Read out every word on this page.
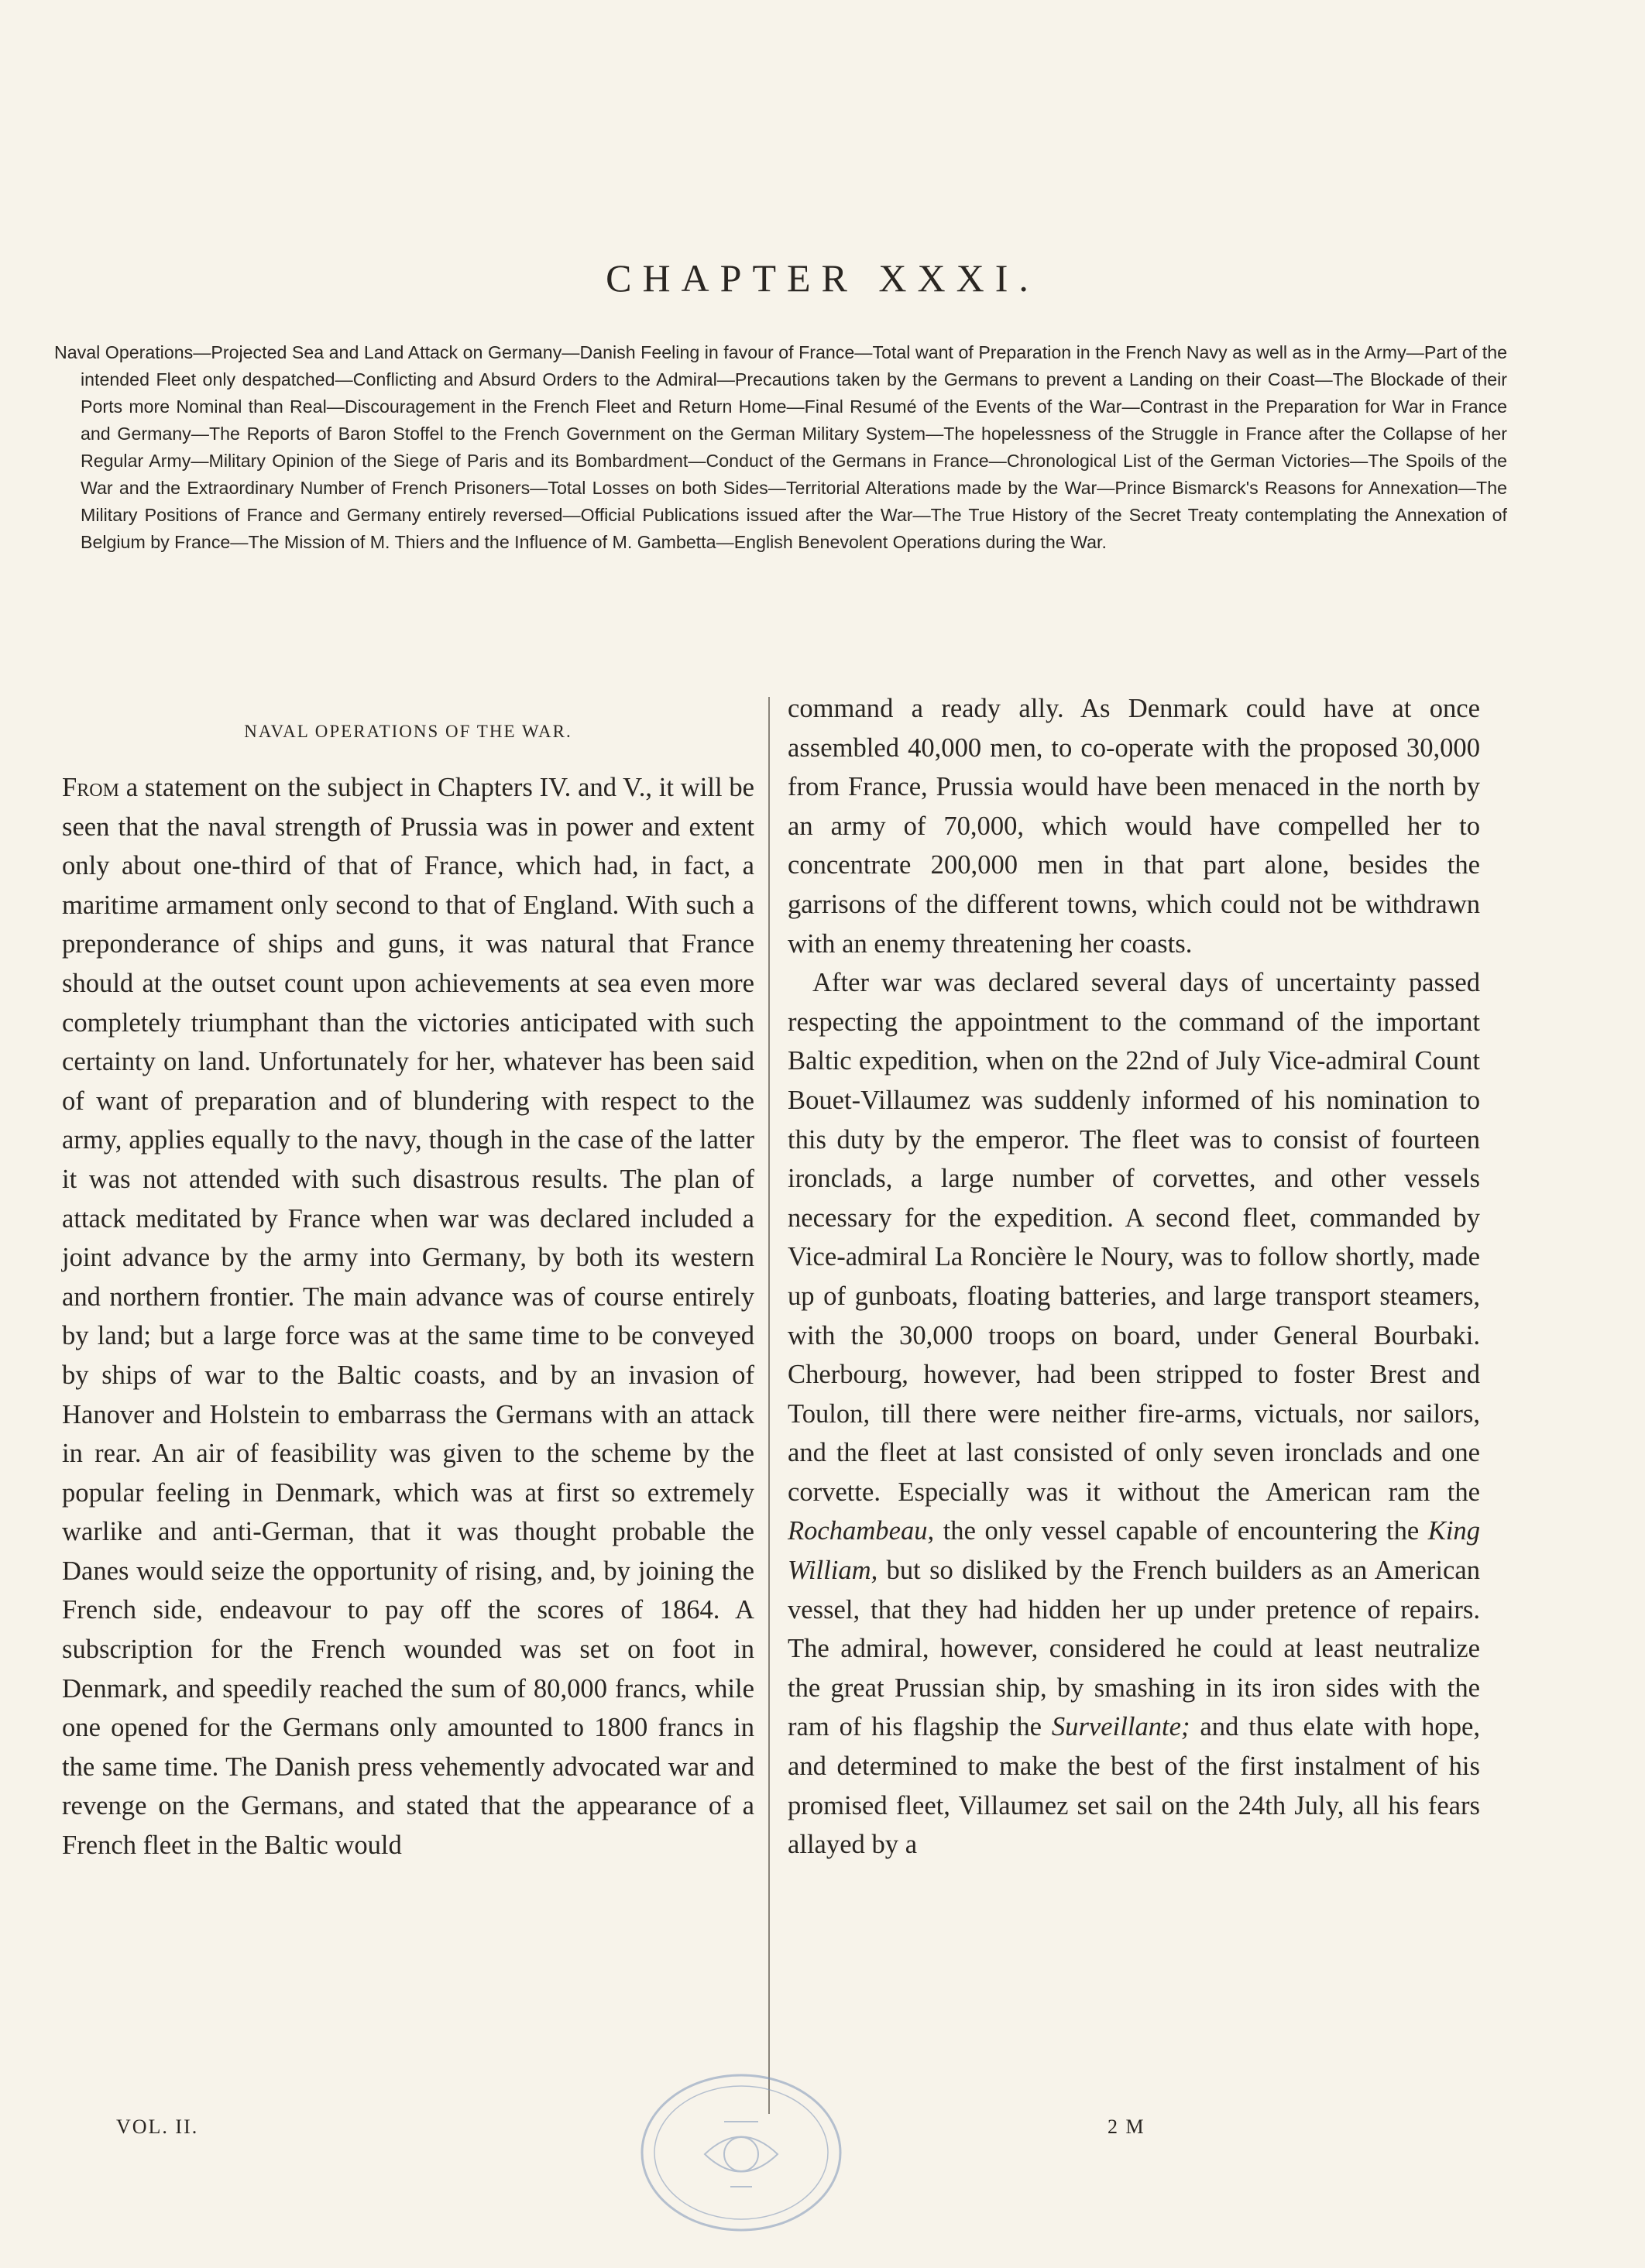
CHAPTER XXXI.
Naval Operations—Projected Sea and Land Attack on Germany—Danish Feeling in favour of France—Total want of Preparation in the French Navy as well as in the Army—Part of the intended Fleet only despatched—Conflicting and Absurd Orders to the Admiral—Precautions taken by the Germans to prevent a Landing on their Coast—The Blockade of their Ports more Nominal than Real—Discouragement in the French Fleet and Return Home—Final Resumé of the Events of the War—Contrast in the Preparation for War in France and Germany—The Reports of Baron Stoffel to the French Government on the German Military System—The hopelessness of the Struggle in France after the Collapse of her Regular Army—Military Opinion of the Siege of Paris and its Bombardment—Conduct of the Germans in France—Chronological List of the German Victories—The Spoils of the War and the Extraordinary Number of French Prisoners—Total Losses on both Sides—Territorial Alterations made by the War—Prince Bismarck's Reasons for Annexation—The Military Positions of France and Germany entirely reversed—Official Publications issued after the War—The True History of the Secret Treaty contemplating the Annexation of Belgium by France—The Mission of M. Thiers and the Influence of M. Gambetta—English Benevolent Operations during the War.

NAVAL OPERATIONS OF THE WAR.

From a statement on the subject in Chapters IV. and V., it will be seen that the naval strength of Prussia was in power and extent only about one-third of that of France, which had, in fact, a maritime armament only second to that of England. With such a preponderance of ships and guns, it was natural that France should at the outset count upon achievements at sea even more completely triumphant than the victories anticipated with such certainty on land. Unfortunately for her, whatever has been said of want of preparation and of blundering with respect to the army, applies equally to the navy, though in the case of the latter it was not attended with such disastrous results. The plan of attack meditated by France when war was declared included a joint advance by the army into Germany, by both its western and northern frontier. The main advance was of course entirely by land; but a large force was at the same time to be conveyed by ships of war to the Baltic coasts, and by an invasion of Hanover and Holstein to embarrass the Germans with an attack in rear. An air of feasibility was given to the scheme by the popular feeling in Denmark, which was at first so extremely warlike and anti-German, that it was thought probable the Danes would seize the opportunity of rising, and, by joining the French side, endeavour to pay off the scores of 1864. A subscription for the French wounded was set on foot in Denmark, and speedily reached the sum of 80,000 francs, while one opened for the Germans only amounted to 1800 francs in the same time. The Danish press vehemently advocated war and revenge on the Germans, and stated that the appearance of a French fleet in the Baltic would

command a ready ally. As Denmark could have at once assembled 40,000 men, to co-operate with the proposed 30,000 from France, Prussia would have been menaced in the north by an army of 70,000, which would have compelled her to concentrate 200,000 men in that part alone, besides the garrisons of the different towns, which could not be withdrawn with an enemy threatening her coasts.

After war was declared several days of uncertainty passed respecting the appointment to the command of the important Baltic expedition, when on the 22nd of July Vice-admiral Count Bouet-Villaumez was suddenly informed of his nomination to this duty by the emperor. The fleet was to consist of fourteen ironclads, a large number of corvettes, and other vessels necessary for the expedition. A second fleet, commanded by Vice-admiral La Roncière le Noury, was to follow shortly, made up of gunboats, floating batteries, and large transport steamers, with the 30,000 troops on board, under General Bourbaki. Cherbourg, however, had been stripped to foster Brest and Toulon, till there were neither fire-arms, victuals, nor sailors, and the fleet at last consisted of only seven ironclads and one corvette. Especially was it without the American ram the Rochambeau, the only vessel capable of encountering the King William, but so disliked by the French builders as an American vessel, that they had hidden her up under pretence of repairs. The admiral, however, considered he could at least neutralize the great Prussian ship, by smashing in its iron sides with the ram of his flagship the Surveillante; and thus elate with hope, and determined to make the best of the first instalment of his promised fleet, Villaumez set sail on the 24th July, all his fears allayed by a

VOL. II.	2 M
